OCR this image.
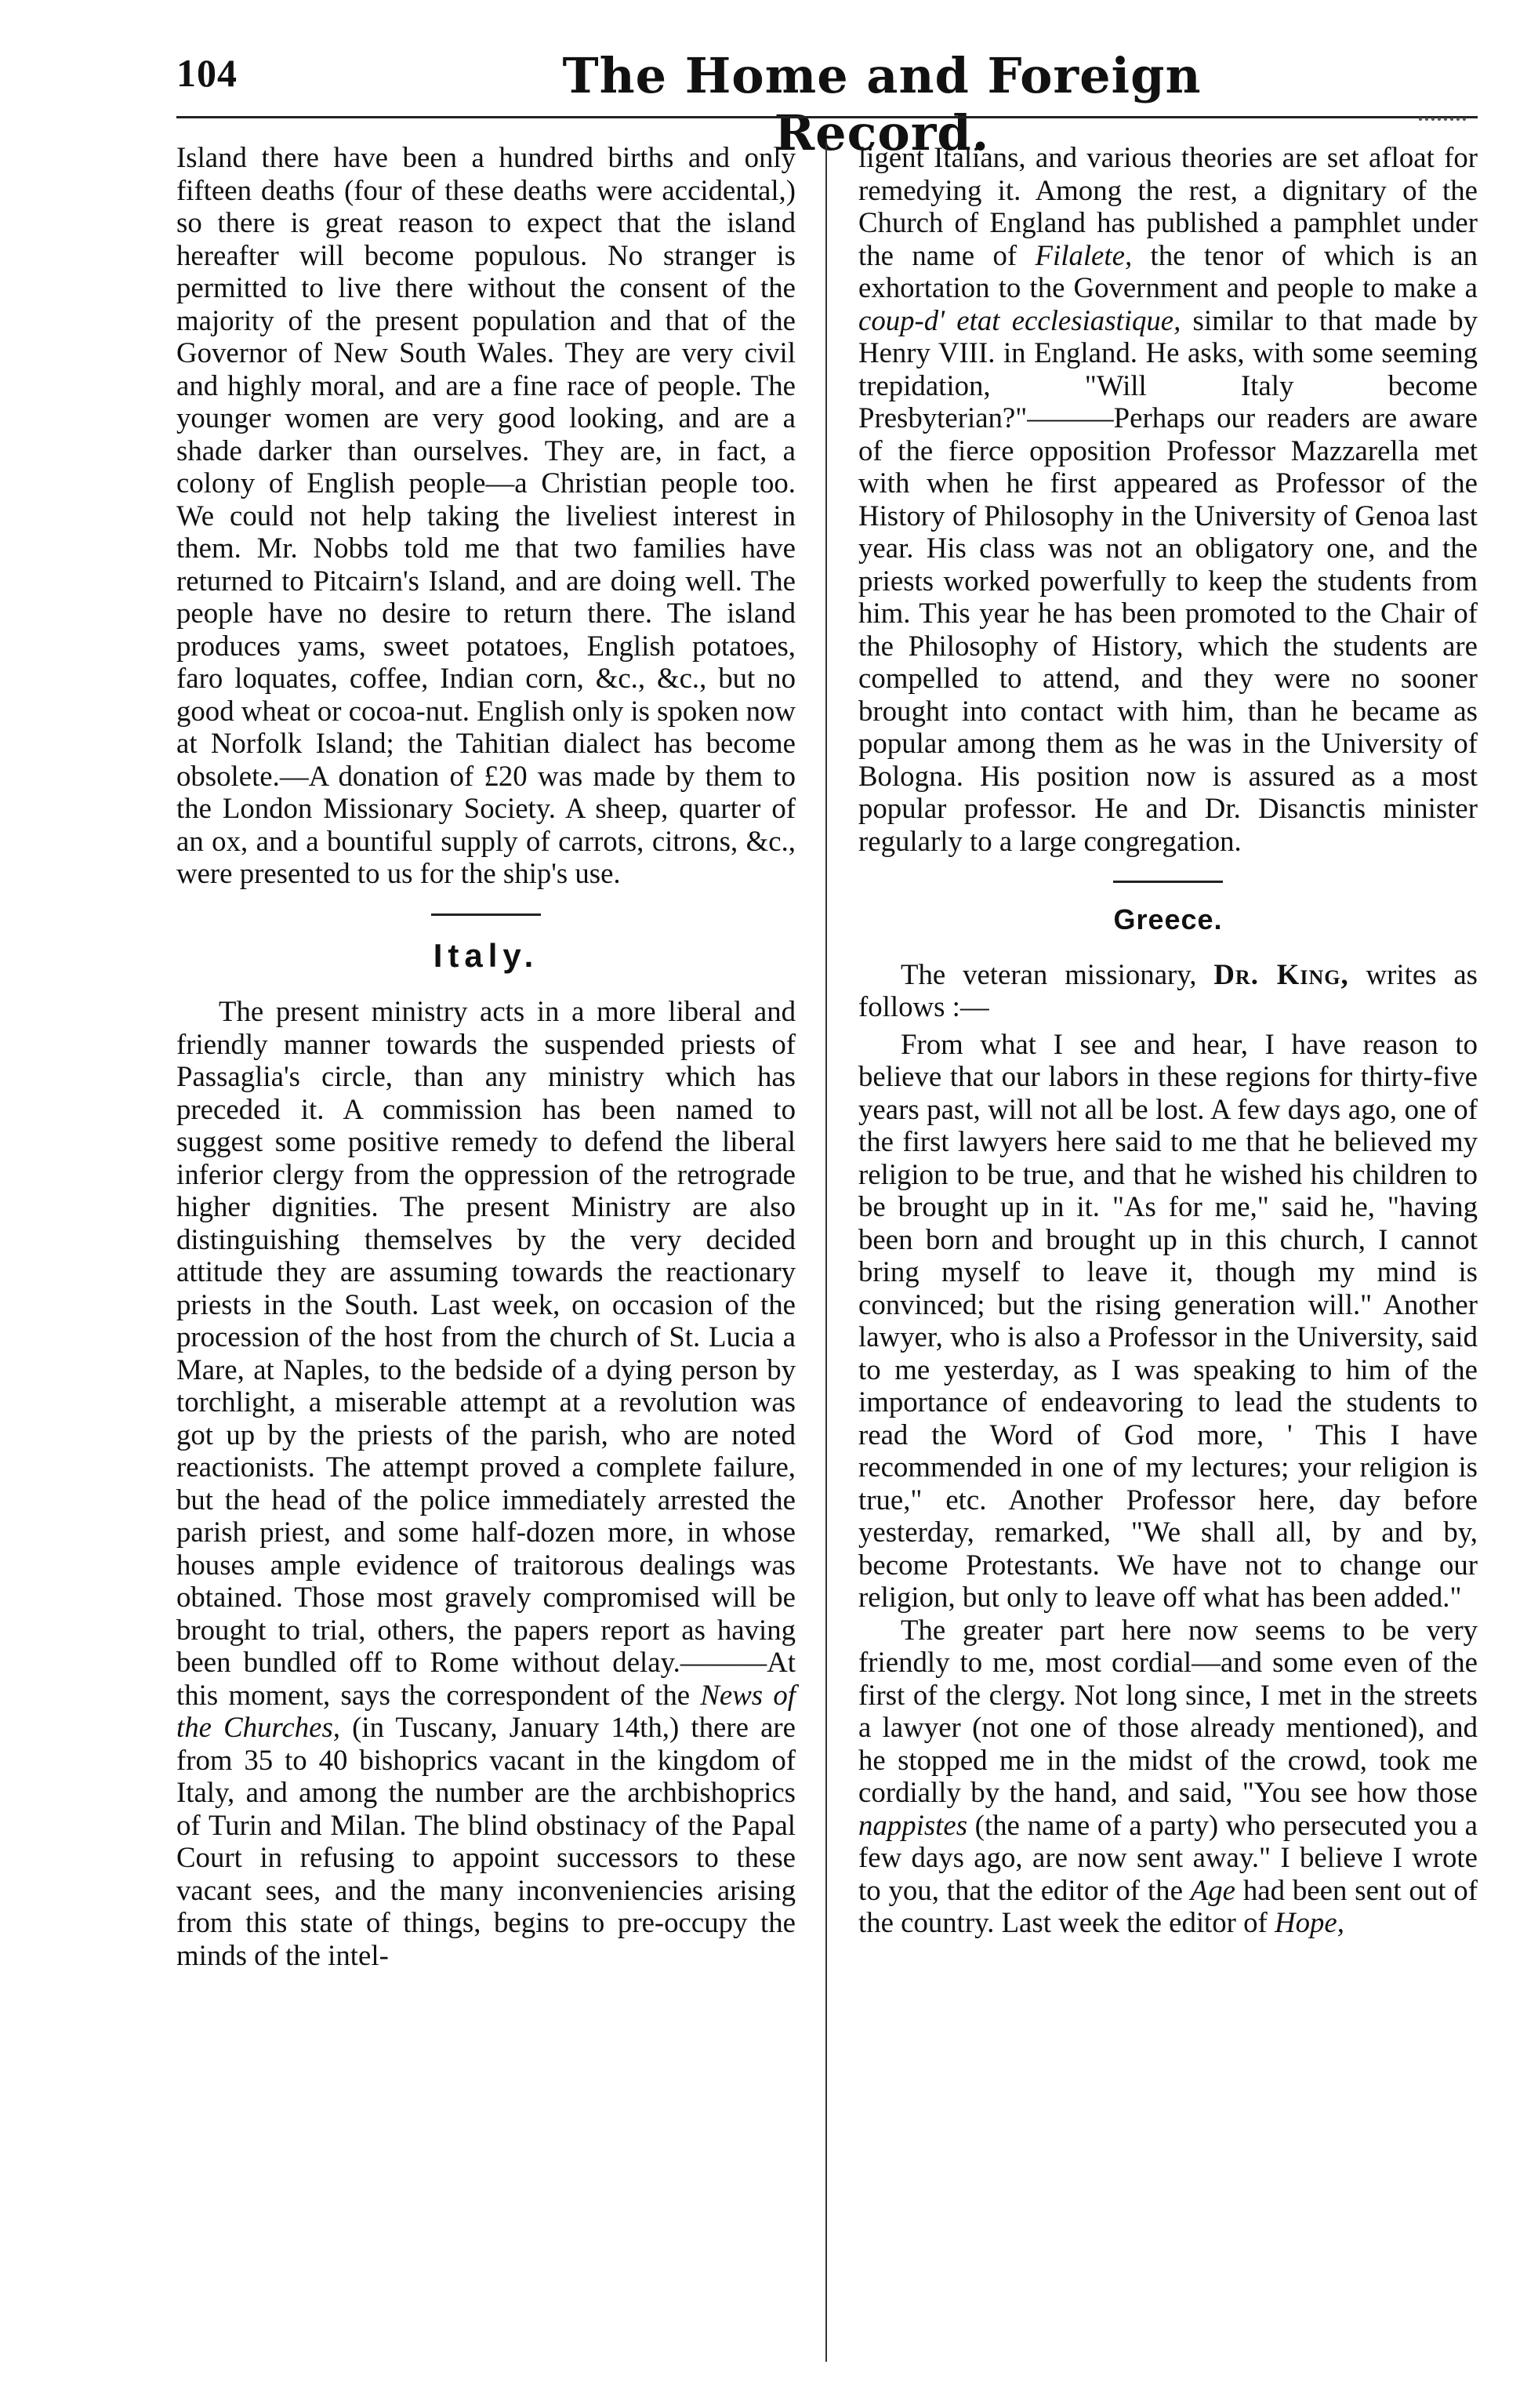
104	The Home and Foreign Record.

Island there have been a hundred births and only fifteen deaths (four of these deaths were accidental,) so there is great reason to expect that the island hereafter will become populous. No stranger is permitted to live there without the consent of the majority of the present population and that of the Governor of New South Wales. They are very civil and highly moral, and are a fine race of people. The younger women are very good looking, and are a shade darker than ourselves. They are, in fact, a colony of English people—a Christian people too. We could not help taking the liveliest interest in them. Mr. Nobbs told me that two families have returned to Pitcairn's Island, and are doing well. The people have no desire to return there. The island produces yams, sweet potatoes, English potatoes, faro loquates, coffee, Indian corn, &c., &c., but no good wheat or cocoa-nut. English only is spoken now at Norfolk Island; the Tahitian dialect has become obsolete.—A donation of £20 was made by them to the London Missionary Society. A sheep, quarter of an ox, and a bountiful supply of carrots, citrons, &c., were presented to us for the ship's use.

Italy.

The present ministry acts in a more liberal and friendly manner towards the suspended priests of Passaglia's circle, than any ministry which has preceded it. A commission has been named to suggest some positive remedy to defend the liberal inferior clergy from the oppression of the retrograde higher dignities. The present Ministry are also distinguishing themselves by the very decided attitude they are assuming towards the reactionary priests in the South. Last week, on occasion of the procession of the host from the church of St. Lucia a Mare, at Naples, to the bedside of a dying person by torchlight, a miserable attempt at a revolution was got up by the priests of the parish, who are noted reactionists. The attempt proved a complete failure, but the head of the police immediately arrested the parish priest, and some half-dozen more, in whose houses ample evidence of traitorous dealings was obtained. Those most gravely compromised will be brought to trial, others, the papers report as having been bundled off to Rome without delay.———At this moment, says the correspondent of the News of the Churches, (in Tuscany, January 14th,) there are from 35 to 40 bishoprics vacant in the kingdom of Italy, and among the number are the archbishoprics of Turin and Milan. The blind obstinacy of the Papal Court in refusing to appoint successors to these vacant sees, and the many inconveniencies arising from this state of things, begins to pre-occupy the minds of the intel-

ligent Italians, and various theories are set afloat for remedying it. Among the rest, a dignitary of the Church of England has published a pamphlet under the name of Filalete, the tenor of which is an exhortation to the Government and people to make a coup-d' etat ecclesiastique, similar to that made by Henry VIII. in England. He asks, with some seeming trepidation, "Will Italy become Presbyterian?"———Perhaps our readers are aware of the fierce opposition Professor Mazzarella met with when he first appeared as Professor of the History of Philosophy in the University of Genoa last year. His class was not an obligatory one, and the priests worked powerfully to keep the students from him. This year he has been promoted to the Chair of the Philosophy of History, which the students are compelled to attend, and they were no sooner brought into contact with him, than he became as popular among them as he was in the University of Bologna. His position now is assured as a most popular professor. He and Dr. Disanctis minister regularly to a large congregation.

Greece.

The veteran missionary, Dr. King, writes as follows :—

From what I see and hear, I have reason to believe that our labors in these regions for thirty-five years past, will not all be lost. A few days ago, one of the first lawyers here said to me that he believed my religion to be true, and that he wished his children to be brought up in it. "As for me," said he, "having been born and brought up in this church, I cannot bring myself to leave it, though my mind is convinced; but the rising generation will." Another lawyer, who is also a Professor in the University, said to me yesterday, as I was speaking to him of the importance of endeavoring to lead the students to read the Word of God more, ' This I have recommended in one of my lectures; your religion is true," etc. Another Professor here, day before yesterday, remarked, "We shall all, by and by, become Protestants. We have not to change our religion, but only to leave off what has been added."

The greater part here now seems to be very friendly to me, most cordial—and some even of the first of the clergy. Not long since, I met in the streets a lawyer (not one of those already mentioned), and he stopped me in the midst of the crowd, took me cordially by the hand, and said, "You see how those nappistes (the name of a party) who persecuted you a few days ago, are now sent away." I believe I wrote to you, that the editor of the Age had been sent out of the country. Last week the editor of Hope,
